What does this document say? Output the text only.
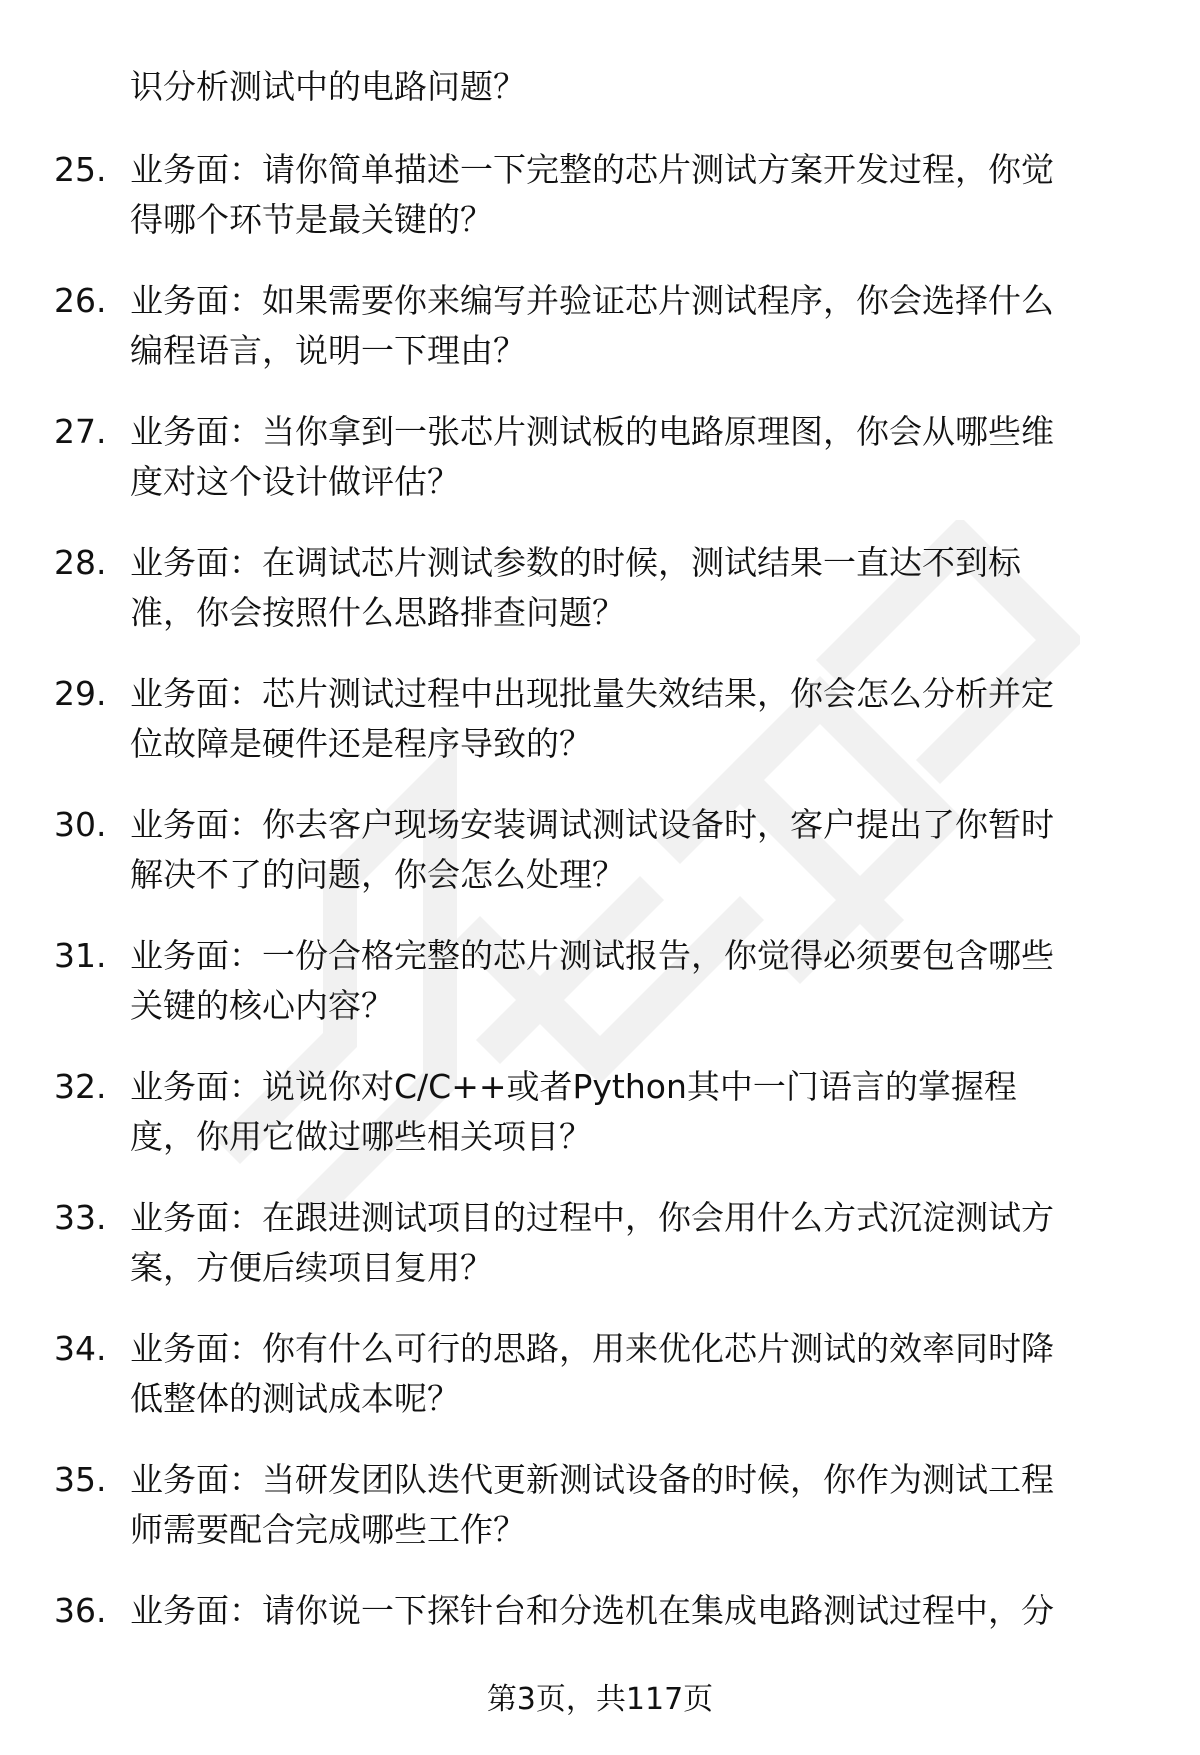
识分析测试中的电路问题？
25. 业务面：请你简单描述一下完整的芯片测试方案开发过程，你觉
得哪个环节是最关键的？
26. 业务面：如果需要你来编写并验证芯片测试程序，你会选择什么
编程语言，说明一下理由？
27. 业务面：当你拿到一张芯片测试板的电路原理图，你会从哪些维
度对这个设计做评估？
28. 业务面：在调试芯片测试参数的时候，测试结果一直达不到标
准，你会按照什么思路排查问题？
29. 业务面：芯片测试过程中出现批量失效结果，你会怎么分析并定
位故障是硬件还是程序导致的？
30. 业务面：你去客户现场安装调试测试设备时，客户提出了你暂时
解决不了的问题，你会怎么处理？
31. 业务面：一份合格完整的芯片测试报告，你觉得必须要包含哪些
关键的核心内容？
32. 业务面：说说你对C/C++或者Python其中一门语言的掌握程
度，你用它做过哪些相关项目？
33. 业务面：在跟进测试项目的过程中，你会用什么方式沉淀测试方
案，方便后续项目复用？
34. 业务面：你有什么可行的思路，用来优化芯片测试的效率同时降
低整体的测试成本呢？
35. 业务面：当研发团队迭代更新测试设备的时候，你作为测试工程
师需要配合完成哪些工作？
36. 业务面：请你说一下探针台和分选机在集成电路测试过程中，分
第3页，共117页
